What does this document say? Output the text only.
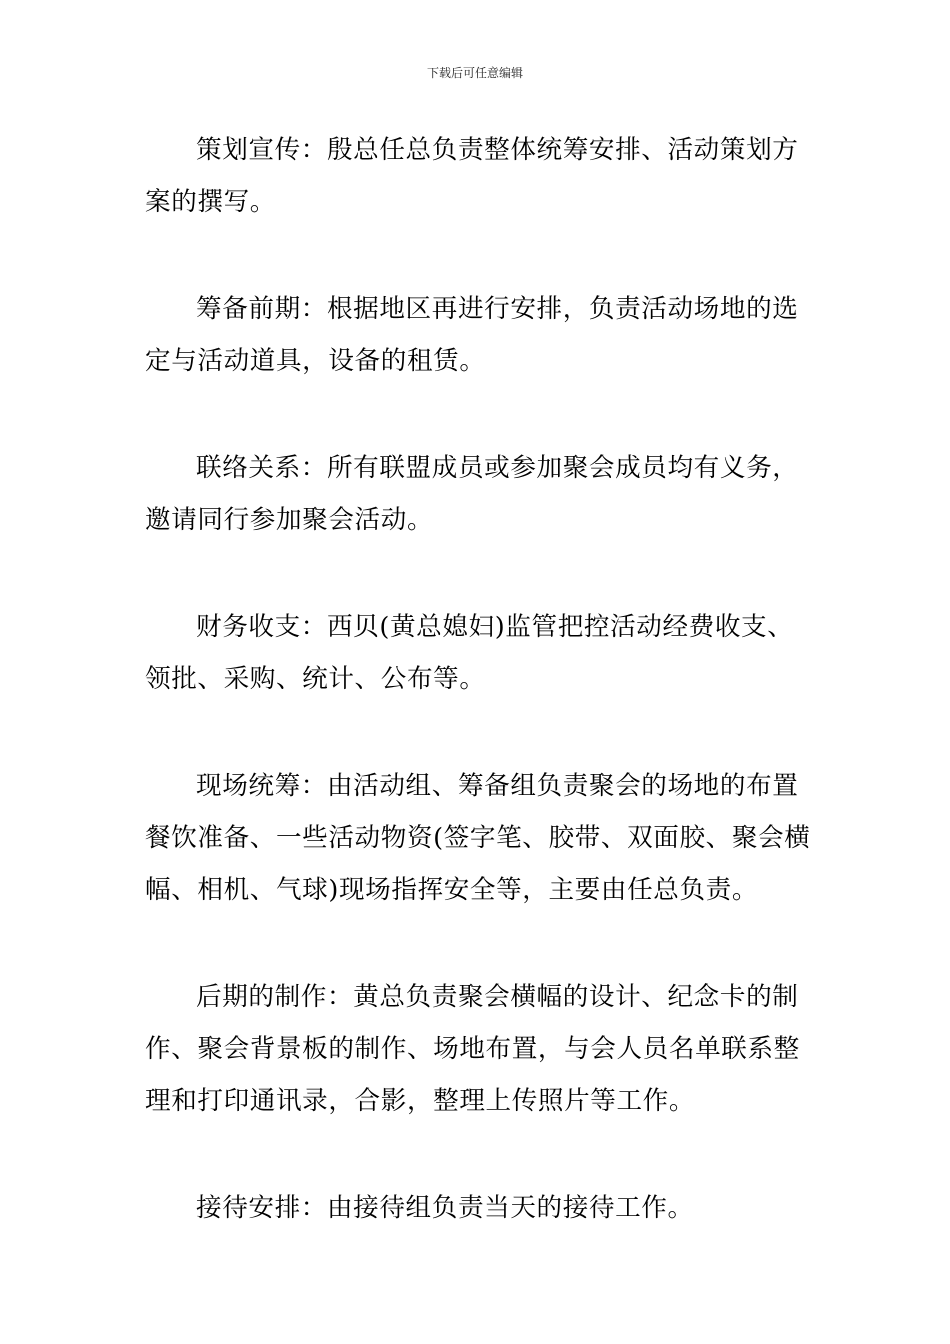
下载后可任意编辑

策划宣传：殷总任总负责整体统筹安排、活动策划方案的撰写。

筹备前期：根据地区再进行安排，负责活动场地的选定与活动道具，设备的租赁。

联络关系：所有联盟成员或参加聚会成员均有义务，邀请同行参加聚会活动。

财务收支：西贝(黄总媳妇)监管把控活动经费收支、领批、采购、统计、公布等。

现场统筹：由活动组、筹备组负责聚会的场地的布置餐饮准备、一些活动物资(签字笔、胶带、双面胶、聚会横幅、相机、气球)现场指挥安全等，主要由任总负责。

后期的制作：黄总负责聚会横幅的设计、纪念卡的制作、聚会背景板的制作、场地布置，与会人员名单联系整理和打印通讯录，合影，整理上传照片等工作。

接待安排：由接待组负责当天的接待工作。
